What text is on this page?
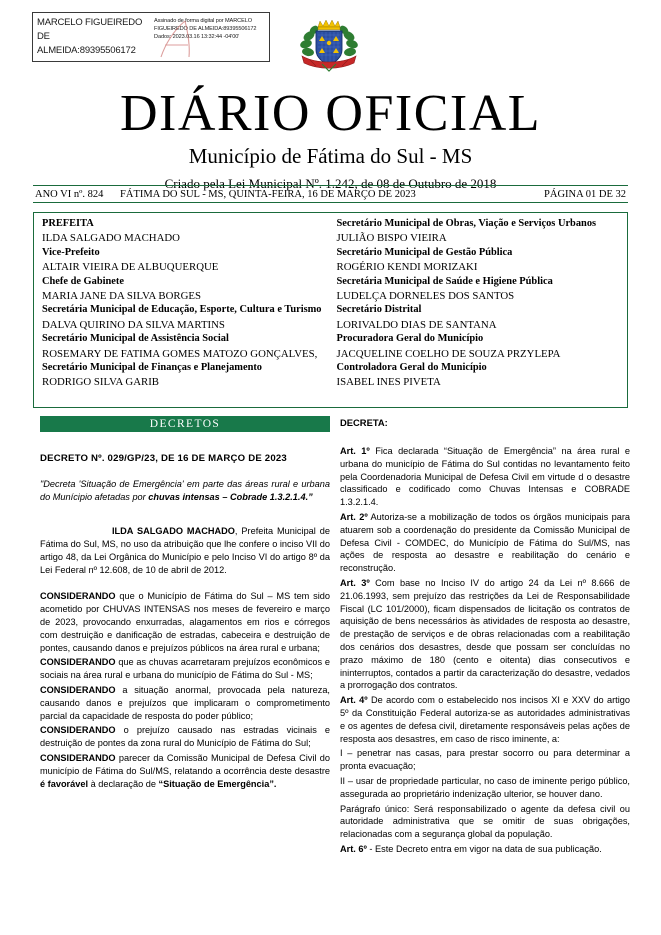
MARCELO FIGUEIREDO DE ALMEIDA:89395506172
Assinado de forma digital por MARCELO FIGUEIREDO DE ALMEIDA:89395506172 Dados: 2023.03.16 13:32:44 -04'00'
DIÁRIO OFICIAL
Município de Fátima do Sul - MS
Criado pela Lei Municipal Nº. 1.242, de 08 de Outubro de 2018
ANO VI nº. 824 FÁTIMA DO SUL - MS, QUINTA-FEIRA, 16 DE MARÇO DE 2023	PÁGINA 01 DE 32
PREFEITA
ILDA SALGADO MACHADO
Vice-Prefeito
ALTAIR VIEIRA DE ALBUQUERQUE
Chefe de Gabinete
MARIA JANE DA SILVA BORGES
Secretária Municipal de Educação, Esporte, Cultura e Turismo
DALVA QUIRINO DA SILVA MARTINS
Secretário Municipal de Assistência Social
ROSEMARY DE FATIMA GOMES MATOZO GONÇALVES,
Secretário Municipal de Finanças e Planejamento
RODRIGO SILVA GARIB
Secretário Municipal de Obras, Viação e Serviços Urbanos
JULIÃO BISPO VIEIRA
Secretário Municipal de Gestão Pública
ROGÉRIO KENDI MORIZAKI
Secretária Municipal de Saúde e Higiene Pública
LUDELÇA DORNELES DOS SANTOS
Secretário Distrital
LORIVALDO DIAS DE SANTANA
Procuradora Geral do Município
JACQUELINE COELHO DE SOUZA PRZYLEPA
Controladora Geral do Município
ISABEL INES PIVETA
DECRETOS
DECRETO Nº. 029/GP/23, DE 16 DE MARÇO DE 2023
"Decreta 'Situação de Emergência' em parte das áreas rural e urbana do Munícipio afetadas por chuvas intensas – Cobrade 1.3.2.1.4.”
ILDA SALGADO MACHADO, Prefeita Municipal de Fátima do Sul, MS, no uso da atribuição que lhe confere o inciso VII do artigo 48, da Lei Orgânica do Município e pelo Inciso VI do artigo 8º da Lei Federal nº 12.608, de 10 de abril de 2012.
CONSIDERANDO que o Município de Fátima do Sul – MS tem sido acometido por CHUVAS INTENSAS nos meses de fevereiro e março de 2023, provocando enxurradas, alagamentos em rios e córregos com destruição e danificação de estradas, cabeceira e destruição de pontes, causando danos e prejuízos públicos na área rural e urbana;
CONSIDERANDO que as chuvas acarretaram prejuízos econômicos e sociais na área rural e urbana do município de Fátima do Sul - MS;
CONSIDERANDO a situação anormal, provocada pela natureza, causando danos e prejuízos que implicaram o comprometimento parcial da capacidade de resposta do poder público;
CONSIDERANDO o prejuízo causado nas estradas vicinais e destruição de pontes da zona rural do Município de Fátima do Sul;
CONSIDERANDO parecer da Comissão Municipal de Defesa Civil do município de Fátima do Sul/MS, relatando a ocorrência deste desastre é favorável à declaração de “Situação de Emergência”.
DECRETA:
Art. 1º Fica declarada “Situação de Emergência” na área rural e urbana do município de Fátima do Sul contidas no levantamento feito pela Coordenadoria Municipal de Defesa Civil em virtude d o desastre classificado e codificado como Chuvas Intensas e COBRADE 1.3.2.1.4.
Art. 2º Autoriza-se a mobilização de todos os órgãos municipais para atuarem sob a coordenação do presidente da Comissão Municipal de Defesa Civil - COMDEC, do Município de Fátima do Sul/MS, nas ações de resposta ao desastre e reabilitação do cenário e reconstrução.
Art. 3º Com base no Inciso IV do artigo 24 da Lei nº 8.666 de 21.06.1993, sem prejuízo das restrições da Lei de Responsabilidade Fiscal (LC 101/2000), ficam dispensados de licitação os contratos de aquisição de bens necessários às atividades de resposta ao desastre, de prestação de serviços e de obras relacionadas com a reabilitação dos cenários dos desastres, desde que possam ser concluídas no prazo máximo de 180 (cento e oitenta) dias consecutivos e ininterruptos, contados a partir da caracterização do desastre, vedados a prorrogação dos contratos.
Art. 4º De acordo com o estabelecido nos incisos XI e XXV do artigo 5º da Constituição Federal autoriza-se as autoridades administrativas e os agentes de defesa civil, diretamente responsáveis pelas ações de resposta aos desastres, em caso de risco iminente, a:
I – penetrar nas casas, para prestar socorro ou para determinar a pronta evacuação;
II – usar de propriedade particular, no caso de iminente perigo público, assegurada ao proprietário indenização ulterior, se houver dano.
Parágrafo único: Será responsabilizado o agente da defesa civil ou autoridade administrativa que se omitir de suas obrigações, relacionadas com a segurança global da população.
Art. 6º - Este Decreto entra em vigor na data de sua publicação.
